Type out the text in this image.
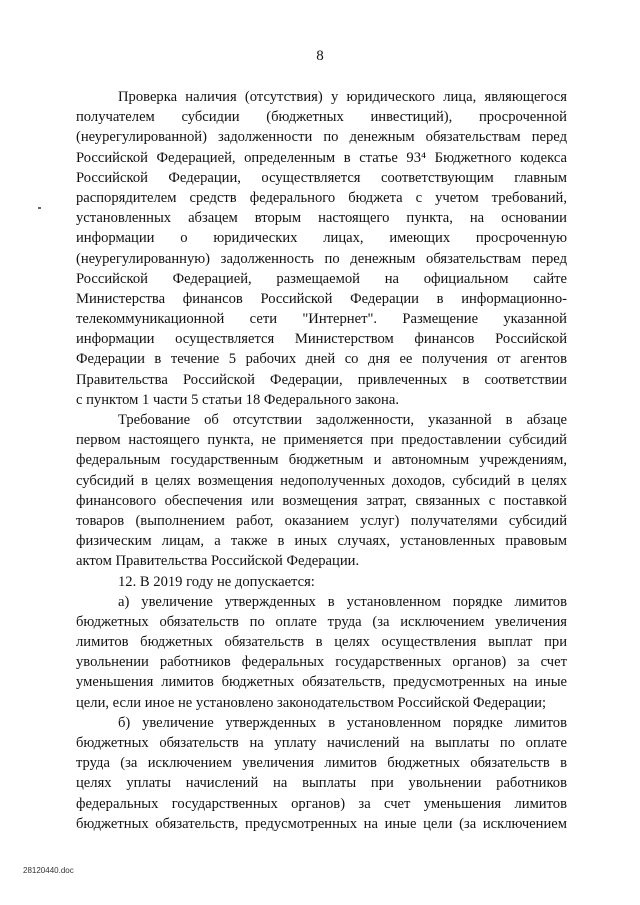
8
Проверка наличия (отсутствия) у юридического лица, являющегося
получателем субсидии (бюджетных инвестиций), просроченной
(неурегулированной) задолженности по денежным обязательствам перед
Российской Федерацией, определенным в статье 93⁴ Бюджетного кодекса
Российской Федерации, осуществляется соответствующим главным
распорядителем средств федерального бюджета с учетом требований,
установленных абзацем вторым настоящего пункта, на основании
информации о юридических лицах, имеющих просроченную
(неурегулированную) задолженность по денежным обязательствам перед
Российской Федерацией, размещаемой на официальном сайте
Министерства финансов Российской Федерации в информационно-
телекоммуникационной сети "Интернет". Размещение указанной
информации осуществляется Министерством финансов Российской
Федерации в течение 5 рабочих дней со дня ее получения от агентов
Правительства Российской Федерации, привлеченных в соответствии
с пунктом 1 части 5 статьи 18 Федерального закона.
Требование об отсутствии задолженности, указанной в абзаце
первом настоящего пункта, не применяется при предоставлении субсидий
федеральным государственным бюджетным и автономным учреждениям,
субсидий в целях возмещения недополученных доходов, субсидий в целях
финансового обеспечения или возмещения затрат, связанных с поставкой
товаров (выполнением работ, оказанием услуг) получателями субсидий
физическим лицам, а также в иных случаях, установленных правовым
актом Правительства Российской Федерации.
12. В 2019 году не допускается:
а) увеличение утвержденных в установленном порядке лимитов
бюджетных обязательств по оплате труда (за исключением увеличения
лимитов бюджетных обязательств в целях осуществления выплат при
увольнении работников федеральных государственных органов) за счет
уменьшения лимитов бюджетных обязательств, предусмотренных на иные
цели, если иное не установлено законодательством Российской Федерации;
б) увеличение утвержденных в установленном порядке лимитов
бюджетных обязательств на уплату начислений на выплаты по оплате
труда (за исключением увеличения лимитов бюджетных обязательств в
целях уплаты начислений на выплаты при увольнении работников
федеральных государственных органов) за счет уменьшения лимитов
бюджетных обязательств, предусмотренных на иные цели (за исключением
28120440.doc
